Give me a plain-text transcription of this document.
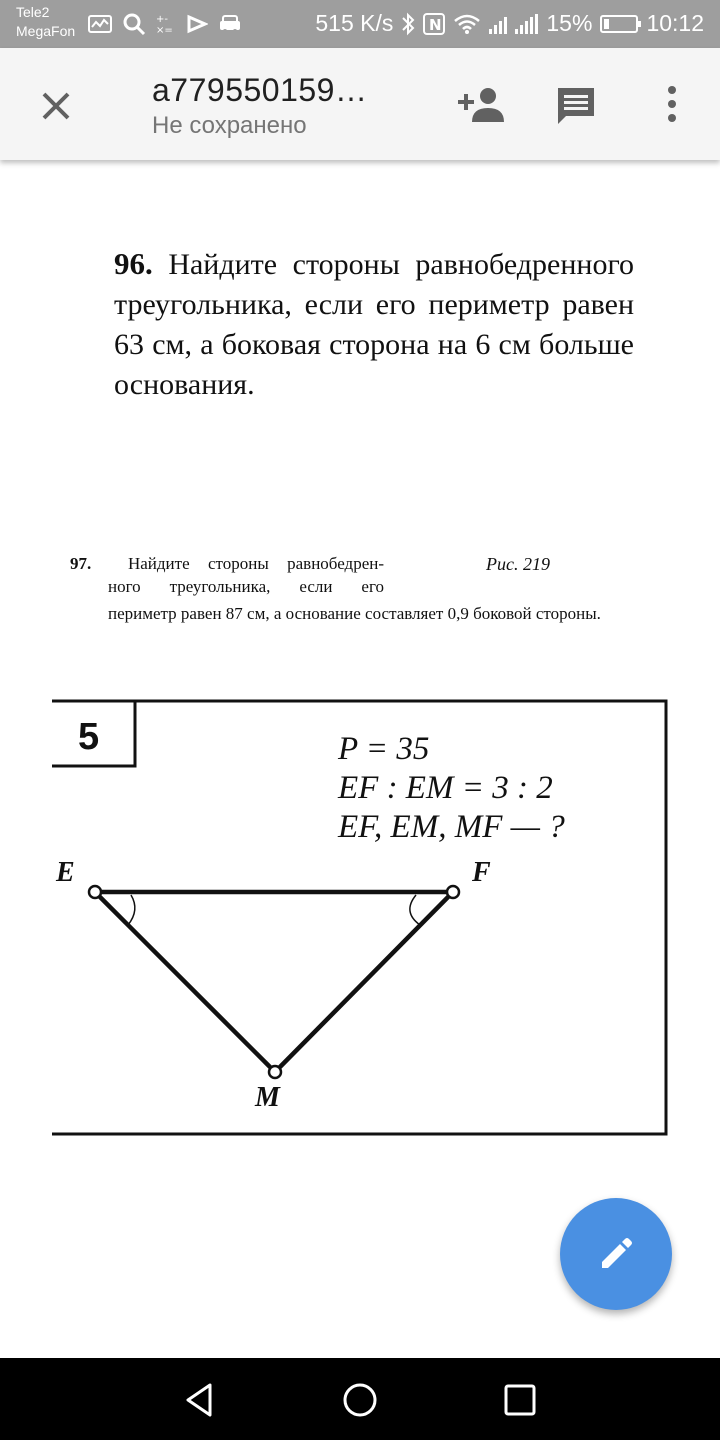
Tele2
MegaFon
+-
×=	515 K/s N	15% 10:12
a779550159…
Не сохранено
96. Найдите стороны равнобедренного треугольника, если его периметр равен 63 см, а боковая сторона на 6 см больше основания.
97. Найдите стороны равнобедрен-
ного треугольника, если его
периметр равен 87 см, а основание составляет 0,9 боковой стороны.
Рис. 219
5	P = 35
EF : EM = 3 : 2
EF, EM, MF — ?
E	F
M
